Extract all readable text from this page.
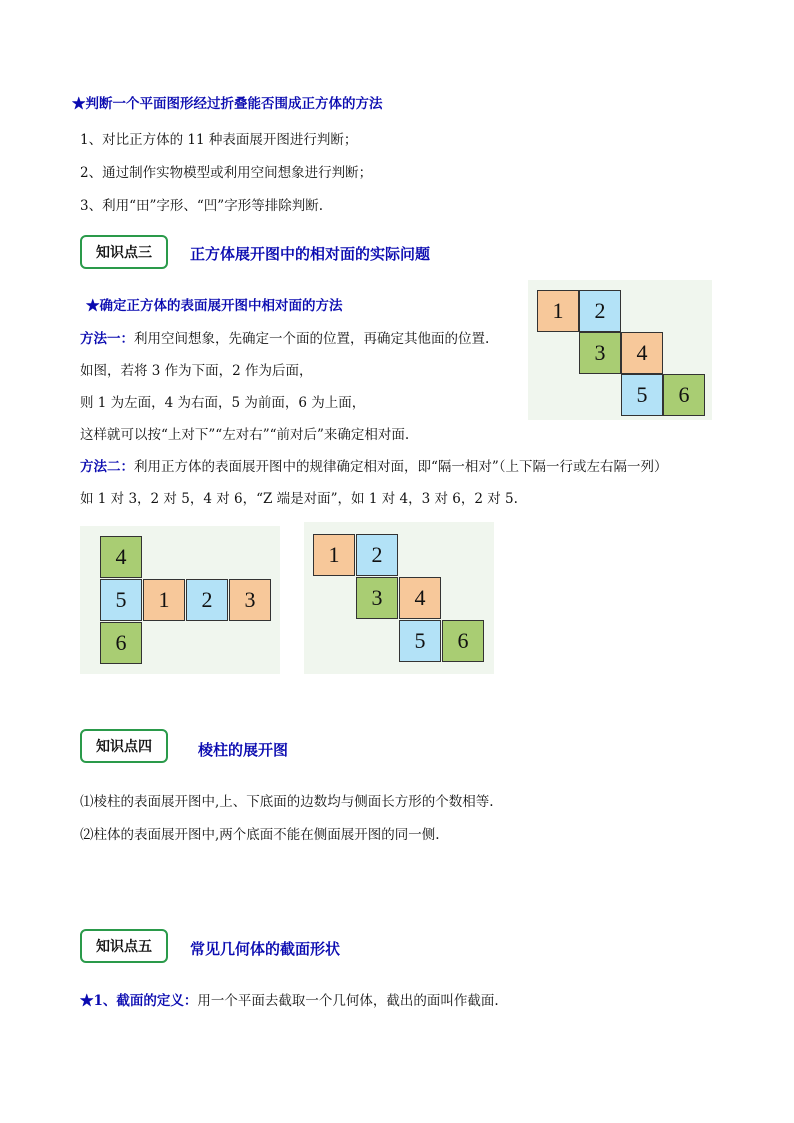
★判断一个平面图形经过折叠能否围成正方体的方法
1、对比正方体的 11 种表面展开图进行判断；
2、通过制作实物模型或利用空间想象进行判断；
3、利用“田”字形、“凹”字形等排除判断.
知识点三	正方体展开图中的相对面的实际问题
★确定正方体的表面展开图中相对面的方法
方法一：利用空间想象，先确定一个面的位置，再确定其他面的位置.
如图，若将 3 作为下面，2 作为后面，
则 1 为左面，4 为右面，5 为前面，6 为上面，
这样就可以按“上对下”“左对右”“前对后”来确定相对面.
方法二：利用正方体的表面展开图中的规律确定相对面，即“隔一相对”（上下隔一行或左右隔一列）
如 1 对 3，2 对 5，4 对 6，“Z 端是对面”，如 1 对 4，3 对 6，2 对 5.
1	2
3	4
5	6
4
5	1	2	3
6
1	2
3	4
5	6
知识点四	棱柱的展开图
⑴棱柱的表面展开图中,上、下底面的边数均与侧面长方形的个数相等.
⑵柱体的表面展开图中,两个底面不能在侧面展开图的同一侧.
知识点五	常见几何体的截面形状
★1、截面的定义：用一个平面去截取一个几何体，截出的面叫作截面.
